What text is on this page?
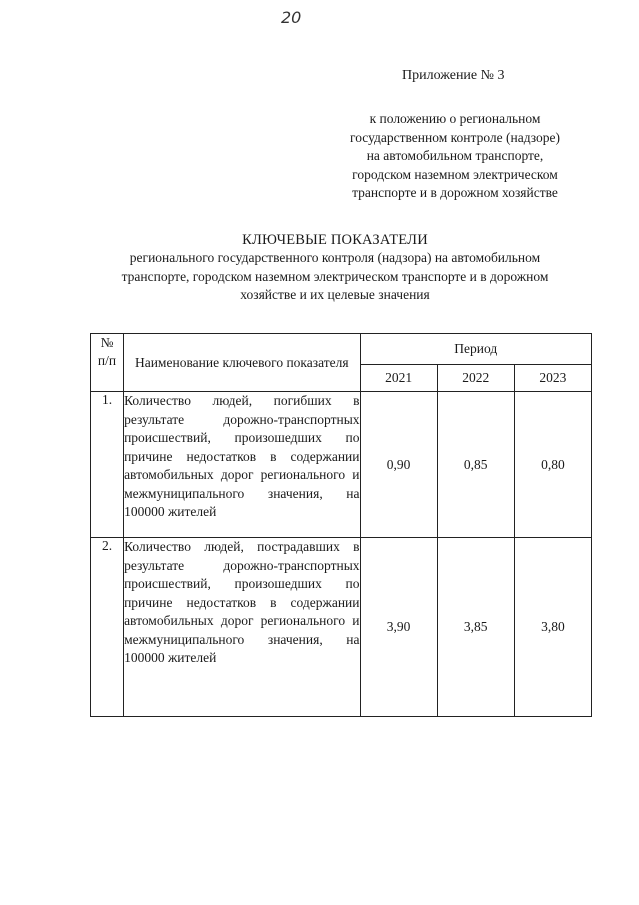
20
Приложение № 3
к положению о региональном
государственном контроле (надзоре)
на автомобильном транспорте,
городском наземном электрическом
транспорте и в дорожном хозяйстве
КЛЮЧЕВЫЕ ПОКАЗАТЕЛИ
регионального государственного контроля (надзора) на автомобильном
транспорте, городском наземном электрическом транспорте и в дорожном
хозяйстве и их целевые значения
№
п/п	Наименование ключевого показателя	Период		
		2021	2022	2023
1.	Количество людей, погибших в результате дорожно-транспортных происшествий, произошедших по причине недостатков в содержании автомобильных дорог регионального и межмуниципального значения, на 100000 жителей	0,90	0,85	0,80
2.	Количество людей, пострадавших в результате дорожно-транспортных происшествий, произошедших по причине недостатков в содержании автомобильных дорог регионального и межмуниципального значения, на 100000 жителей	3,90	3,85	3,80
